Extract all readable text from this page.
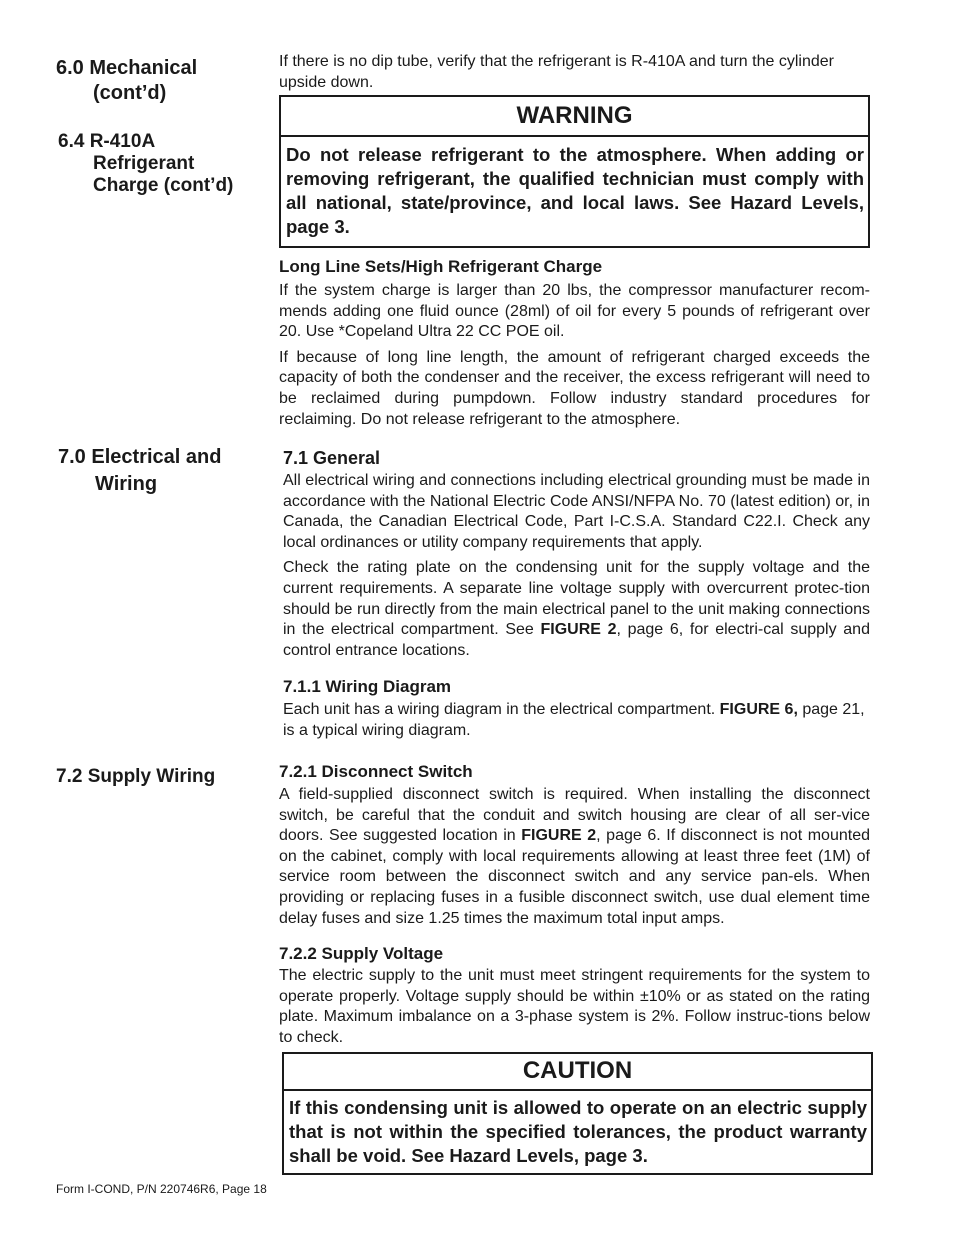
6.0 Mechanical
(cont’d)
6.4 R-410A
Refrigerant
Charge (cont’d)
7.0 Electrical and
Wiring
7.2 Supply Wiring

If there is no dip tube, verify that the refrigerant is R-410A and turn the cylinder upside down.

WARNING
Do not release refrigerant to the atmosphere. When adding or removing refrigerant, the qualified technician must comply with all national, state/province, and local laws. See Hazard Levels, page 3.
Long Line Sets/High Refrigerant Charge

If the system charge is larger than 20 lbs, the compressor manufacturer recom-mends adding one fluid ounce (28ml) of oil for every 5 pounds of refrigerant over 20. Use *Copeland Ultra 22 CC POE oil.

If because of long line length, the amount of refrigerant charged exceeds the capacity of both the condenser and the receiver, the excess refrigerant will need to be reclaimed during pumpdown. Follow industry standard procedures for reclaiming. Do not release refrigerant to the atmosphere.

7.1 General

All electrical wiring and connections including electrical grounding must be made in accordance with the National Electric Code ANSI/NFPA No. 70 (latest edition) or, in Canada, the Canadian Electrical Code, Part I-C.S.A. Standard C22.I. Check any local ordinances or utility company requirements that apply.

Check the rating plate on the condensing unit for the supply voltage and the current requirements. A separate line voltage supply with overcurrent protec-tion should be run directly from the main electrical panel to the unit making connections in the electrical compartment. See FIGURE 2, page 6, for electri-cal supply and control entrance locations.

7.1.1 Wiring Diagram

Each unit has a wiring diagram in the electrical compartment. FIGURE 6, page 21, is a typical wiring diagram.

7.2.1 Disconnect Switch

A field-supplied disconnect switch is required. When installing the disconnect switch, be careful that the conduit and switch housing are clear of all ser-vice doors. See suggested location in FIGURE 2, page 6. If disconnect is not mounted on the cabinet, comply with local requirements allowing at least three feet (1M) of service room between the disconnect switch and any service pan-els. When providing or replacing fuses in a fusible disconnect switch, use dual element time delay fuses and size 1.25 times the maximum total input amps.

7.2.2 Supply Voltage

The electric supply to the unit must meet stringent requirements for the system to operate properly. Voltage supply should be within ±10% or as stated on the rating plate. Maximum imbalance on a 3-phase system is 2%. Follow instruc-tions below to check.

CAUTION
If this condensing unit is allowed to operate on an electric supply that is not within the specified tolerances, the product warranty shall be void. See Hazard Levels, page 3.
Form I-COND, P/N 220746R6, Page 18
